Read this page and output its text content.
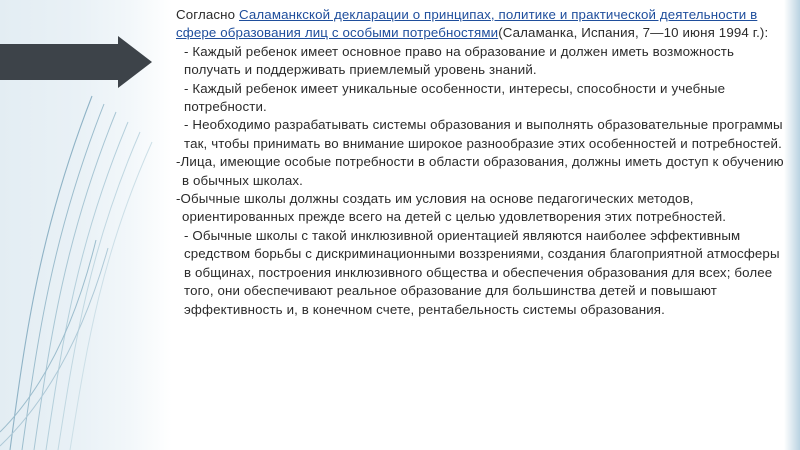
Согласно Саламанкской декларации о принципах, политике и практической деятельности в сфере образования лиц с особыми потребностями(Саламанка, Испания, 7—10 июня 1994 г.):

- Каждый ребенок имеет основное право на образование и должен иметь возможность получать и поддерживать приемлемый уровень знаний.

- Каждый ребенок имеет уникальные особенности, интересы, способности и учебные потребности.

- Необходимо разрабатывать системы образования и выполнять образовательные программы так, чтобы принимать во внимание широкое разнообразие этих особенностей и потребностей.

-Лица, имеющие особые потребности в области образования, должны иметь доступ к обучению в обычных школах.

-Обычные школы должны создать им условия на основе педагогических методов, ориентированных прежде всего на детей с целью удовлетворения этих потребностей.

- Обычные школы с такой инклюзивной ориентацией являются наиболее эффективным средством борьбы с дискриминационными воззрениями, создания благоприятной атмосферы в общинах, построения инклюзивного общества и обеспечения образования для всех; более того, они обеспечивают реальное образование для большинства детей и повышают эффективность и, в конечном счете, рентабельность системы образования.
